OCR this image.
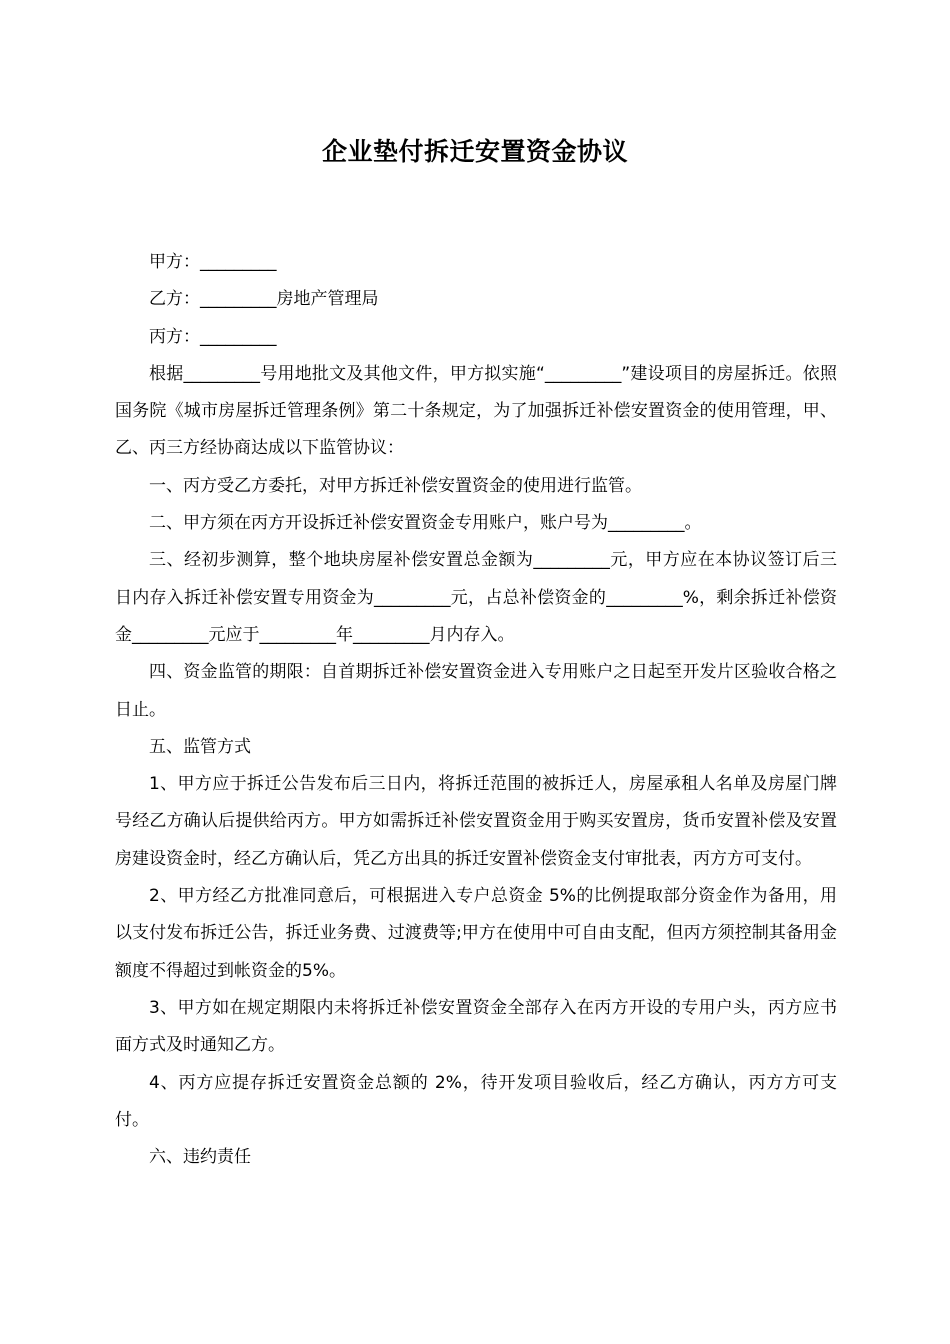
企业垫付拆迁安置资金协议

甲方：_________

乙方：_________房地产管理局

丙方：_________

根据_________号用地批文及其他文件，甲方拟实施“_________”建设项目的房屋拆迁。依照国务院《城市房屋拆迁管理条例》第二十条规定，为了加强拆迁补偿安置资金的使用管理，甲、乙、丙三方经协商达成以下监管协议：

一、丙方受乙方委托，对甲方拆迁补偿安置资金的使用进行监管。

二、甲方须在丙方开设拆迁补偿安置资金专用账户，账户号为_________。

三、经初步测算，整个地块房屋补偿安置总金额为_________元，甲方应在本协议签订后三日内存入拆迁补偿安置专用资金为_________元，占总补偿资金的_________%，剩余拆迁补偿资金_________元应于_________年_________月内存入。

四、资金监管的期限：自首期拆迁补偿安置资金进入专用账户之日起至开发片区验收合格之日止。

五、监管方式

1、甲方应于拆迁公告发布后三日内，将拆迁范围的被拆迁人，房屋承租人名单及房屋门牌号经乙方确认后提供给丙方。甲方如需拆迁补偿安置资金用于购买安置房，货币安置补偿及安置房建设资金时，经乙方确认后，凭乙方出具的拆迁安置补偿资金支付审批表，丙方方可支付。

2、甲方经乙方批准同意后，可根据进入专户总资金 5%的比例提取部分资金作为备用，用以支付发布拆迁公告，拆迁业务费、过渡费等;甲方在使用中可自由支配，但丙方须控制其备用金额度不得超过到帐资金的5%。

3、甲方如在规定期限内未将拆迁补偿安置资金全部存入在丙方开设的专用户头，丙方应书面方式及时通知乙方。

4、丙方应提存拆迁安置资金总额的 2%，待开发项目验收后，经乙方确认，丙方方可支付。

六、违约责任
